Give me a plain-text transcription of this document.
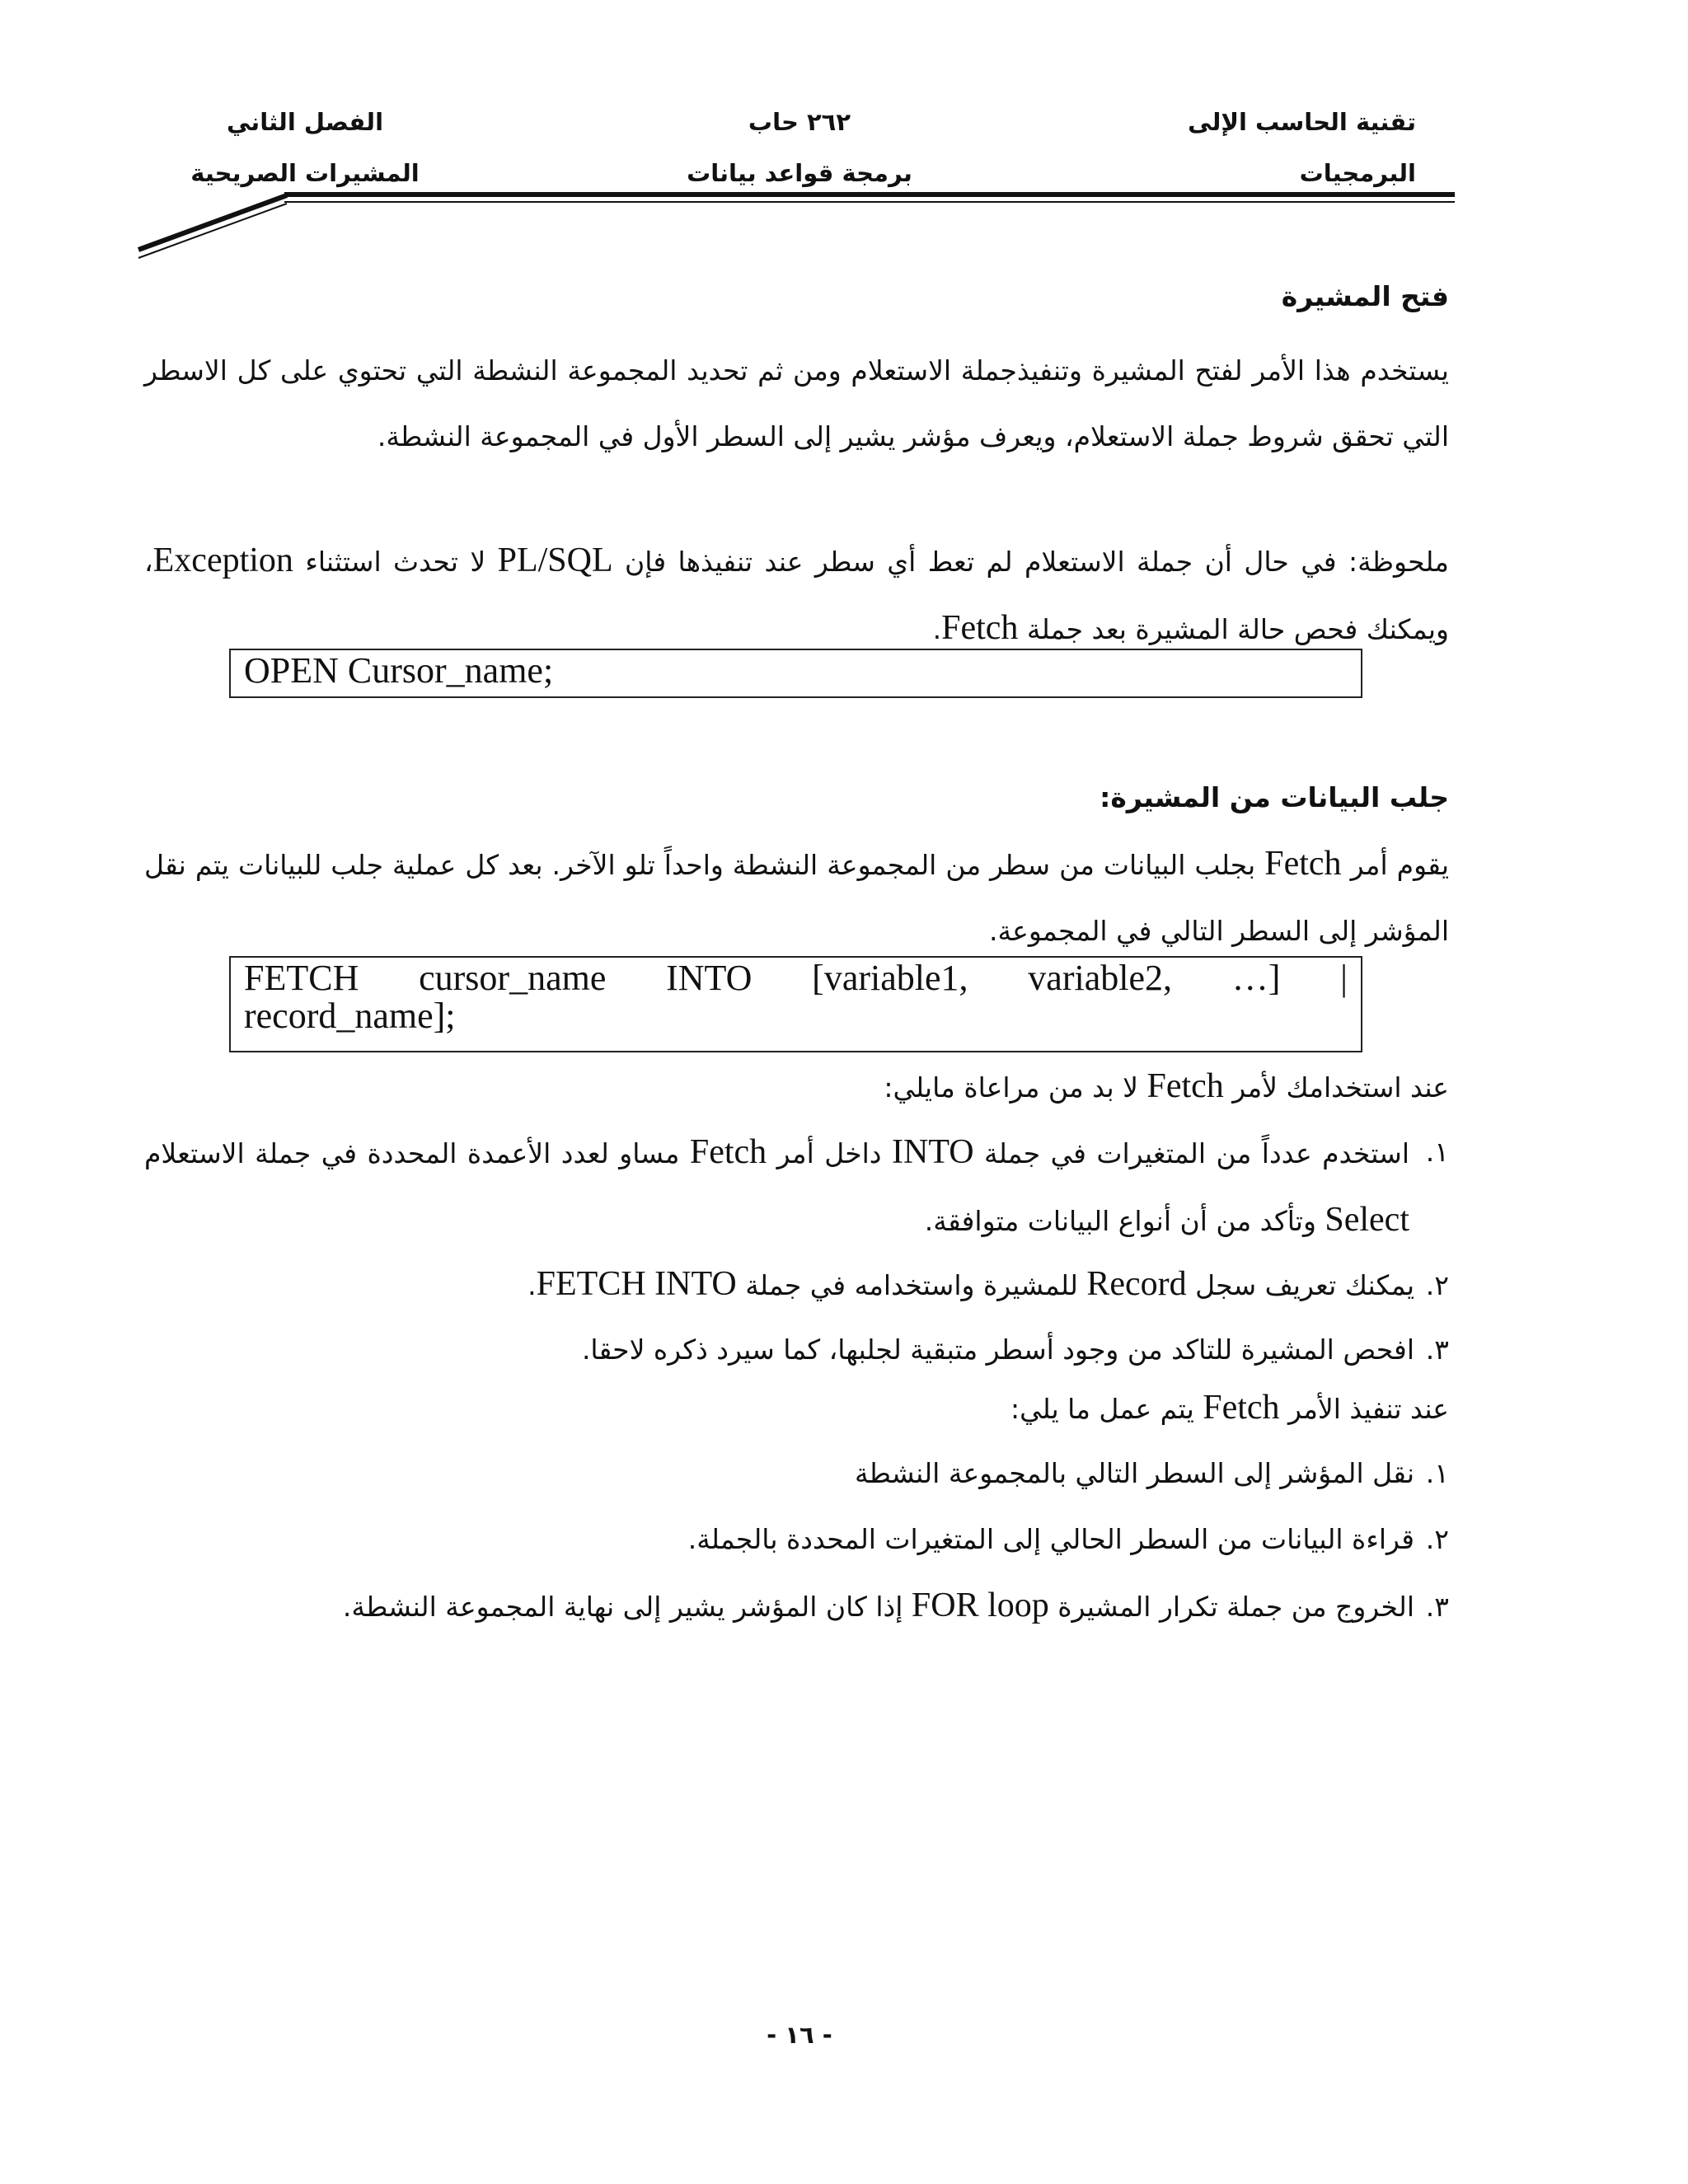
تقنية الحاسب الإلى
البرمجيات
٢٦٢ حاب
برمجة قواعد بيانات
الفصل الثاني
المشيرات الصريحية
فتح المشيرة
يستخدم هذا الأمر لفتح المشيرة وتنفيذجملة الاستعلام ومن ثم تحديد المجموعة النشطة التي تحتوي على كل الاسطر التي تحقق شروط جملة الاستعلام، ويعرف مؤشر يشير إلى السطر الأول في المجموعة النشطة.
ملحوظة: في حال أن جملة الاستعلام لم تعط أي سطر عند تنفيذها فإن PL/SQL لا تحدث استثناء Exception، ويمكنك فحص حالة المشيرة بعد جملة Fetch.
OPEN Cursor_name;
جلب البيانات من المشيرة:
يقوم أمر Fetch بجلب البيانات من سطر من المجموعة النشطة واحداً تلو الآخر. بعد كل عملية جلب للبيانات يتم نقل المؤشر إلى السطر التالي في المجموعة.
FETCH cursor_name INTO [variable1, variable2, …] |
record_name];
عند استخدامك لأمر Fetch لا بد من مراعاة مايلي:
١.
استخدم عدداً من المتغيرات في جملة INTO داخل أمر Fetch مساو لعدد الأعمدة المحددة في جملة الاستعلام Select وتأكد من أن أنواع البيانات متوافقة.
٢.يمكنك تعريف سجل Record للمشيرة واستخدامه في جملة FETCH INTO.
٣.افحص المشيرة للتاكد من وجود أسطر متبقية لجلبها، كما سيرد ذكره لاحقا.
عند تنفيذ الأمر Fetch يتم عمل ما يلي:
١.نقل المؤشر إلى السطر التالي بالمجموعة النشطة
٢.قراءة البيانات من السطر الحالي إلى المتغيرات المحددة بالجملة.
٣.الخروج من جملة تكرار المشيرة FOR loop إذا كان المؤشر يشير إلى نهاية المجموعة النشطة.
- ١٦ -
